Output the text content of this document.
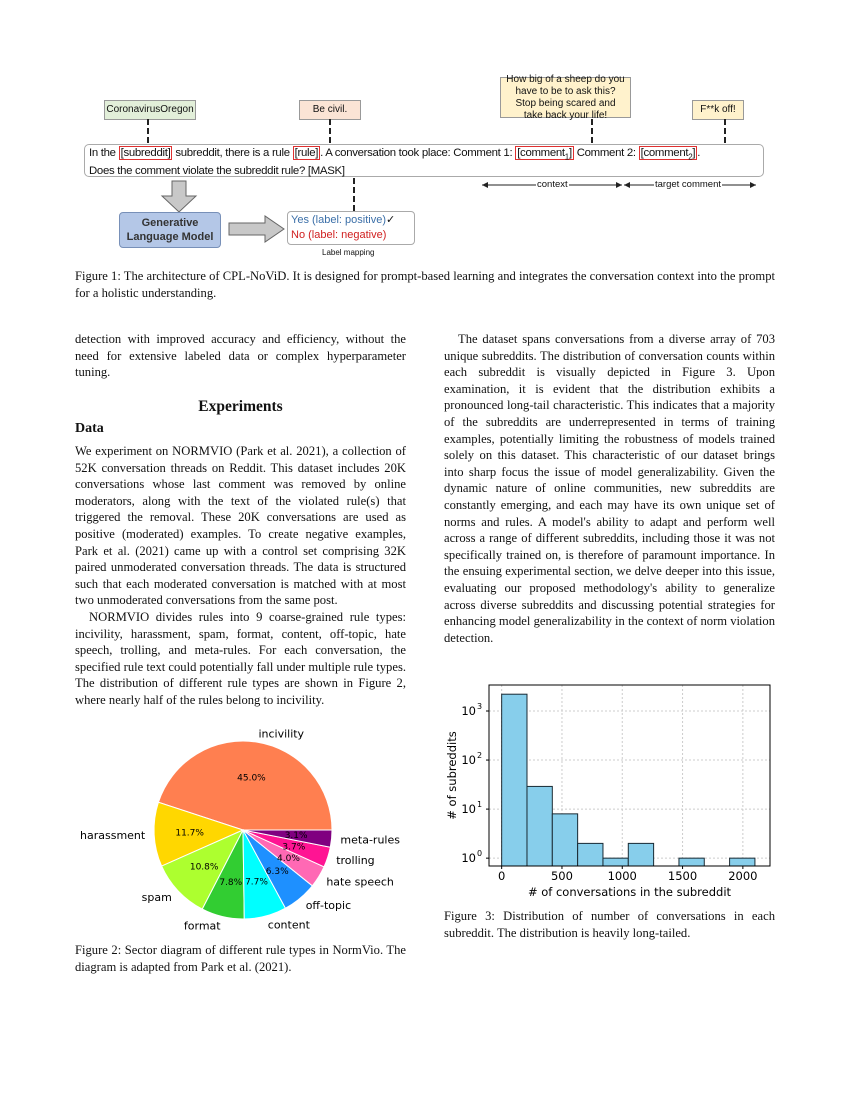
CoronavirusOregon	Be civil.
How big of a sheep do you have to be to ask this? Stop being scared and take back your life!	F**k off!
In the [subreddit] subreddit, there is a rule [rule] . A conversation took place: Comment 1: [comment$_1$] Comment 2: [comment$_2$] .
Does the comment violate the subreddit rule? [MASK]
context	target comment
Generative Language Model
Yes (label: positive)✓
No (label: negative)
Label mapping
Figure 1: The architecture of CPL-NoViD. It is designed for prompt-based learning and integrates the conversation context into the prompt for a holistic understanding.

detection with improved accuracy and efficiency, without the need for extensive labeled data or complex hyperparameter tuning.

Experiments
Data

We experiment on NORMVIO (Park et al. 2021), a collection of 52K conversation threads on Reddit. This dataset includes 20K conversations whose last comment was removed by online moderators, along with the text of the violated rule(s) that triggered the removal. These 20K conversations are used as positive (moderated) examples. To create negative examples, Park et al. (2021) came up with a control set comprising 32K paired unmoderated conversation threads. The data is structured such that each moderated conversation is matched with at most two unmoderated conversations from the same post.

NORMVIO divides rules into 9 coarse-grained rule types: incivility, harassment, spam, format, content, off-topic, hate speech, trolling, and meta-rules. For each conversation, the specified rule text could potentially fall under multiple rule types. The distribution of different rule types are shown in Figure 2, where nearly half of the rules belong to incivility.

45.0%
incivility
11.7%
harassment
10.8%
spam
7.8%
format
7.7%
content
6.3%
off-topic
4.0%
hate speech
3.7%
trolling
3.1%	meta-rules
Figure 2: Sector diagram of different rule types in NormVio. The diagram is adapted from Park et al. (2021).

The dataset spans conversations from a diverse array of 703 unique subreddits. The distribution of conversation counts within each subreddit is visually depicted in Figure 3. Upon examination, it is evident that the distribution exhibits a pronounced long-tail characteristic. This indicates that a majority of the subreddits are underrepresented in terms of training examples, potentially limiting the robustness of models trained solely on this dataset. This characteristic of our dataset brings into sharp focus the issue of model generalizability. Given the dynamic nature of online communities, new subreddits are constantly emerging, and each may have its own unique set of norms and rules. A model's ability to adapt and perform well across a range of different subreddits, including those it was not specifically trained on, is therefore of paramount importance. In the ensuing experimental section, we delve deeper into this issue, evaluating our proposed methodology's ability to generalize across diverse subreddits and discussing potential strategies for enhancing model generalizability in the context of norm violation detection.

0	500	1000	1500	2000
10 0
10 1
10 2
10 3
# of conversations in the subreddit
# of subreddits
Figure 3: Distribution of number of conversations in each subreddit. The distribution is heavily long-tailed.
